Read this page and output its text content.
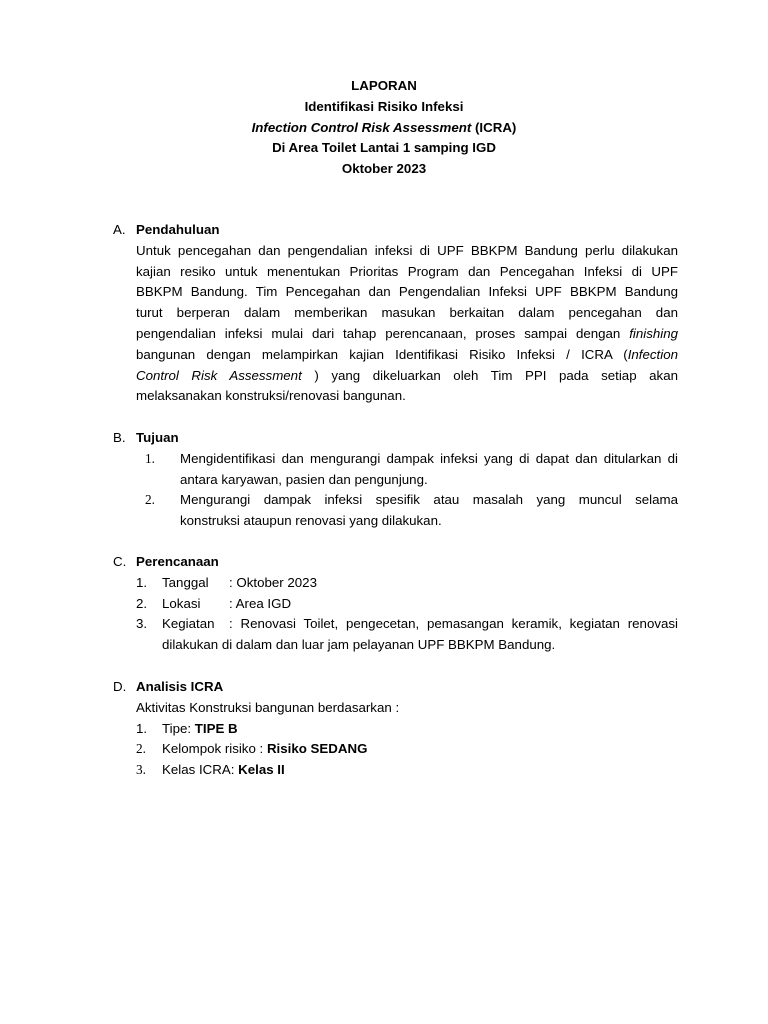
LAPORAN
Identifikasi Risiko Infeksi
Infection Control Risk Assessment (ICRA)
Di Area Toilet Lantai 1 samping IGD
Oktober 2023
A. Pendahuluan
Untuk pencegahan dan pengendalian infeksi di UPF BBKPM Bandung perlu dilakukan
kajian resiko untuk menentukan Prioritas Program dan Pencegahan Infeksi di UPF
BBKPM Bandung. Tim Pencegahan dan Pengendalian Infeksi UPF BBKPM Bandung
turut berperan dalam memberikan masukan berkaitan dalam pencegahan dan
pengendalian infeksi mulai dari tahap perencanaan, proses sampai dengan finishing
bangunan dengan melampirkan kajian Identifikasi Risiko Infeksi / ICRA (Infection
Control Risk Assessment ) yang dikeluarkan oleh Tim PPI pada setiap akan
melaksanakan konstruksi/renovasi bangunan.
B. Tujuan
1.	Mengidentifikasi dan mengurangi dampak infeksi yang di dapat dan ditularkan di
antara karyawan, pasien dan pengunjung.
2.	Mengurangi dampak infeksi spesifik atau masalah yang muncul selama
konstruksi ataupun renovasi yang dilakukan.
C. Perencanaan
1.	Tanggal : Oktober 2023
2.	Lokasi : Area IGD
3.	Kegiatan : Renovasi Toilet, pengecetan, pemasangan keramik, kegiatan renovasi
dilakukan di dalam dan luar jam pelayanan UPF BBKPM Bandung.
D. Analisis ICRA
Aktivitas Konstruksi bangunan berdasarkan :
1.	Tipe: TIPE B
2.	Kelompok risiko : Risiko SEDANG
3.	Kelas ICRA: Kelas II
